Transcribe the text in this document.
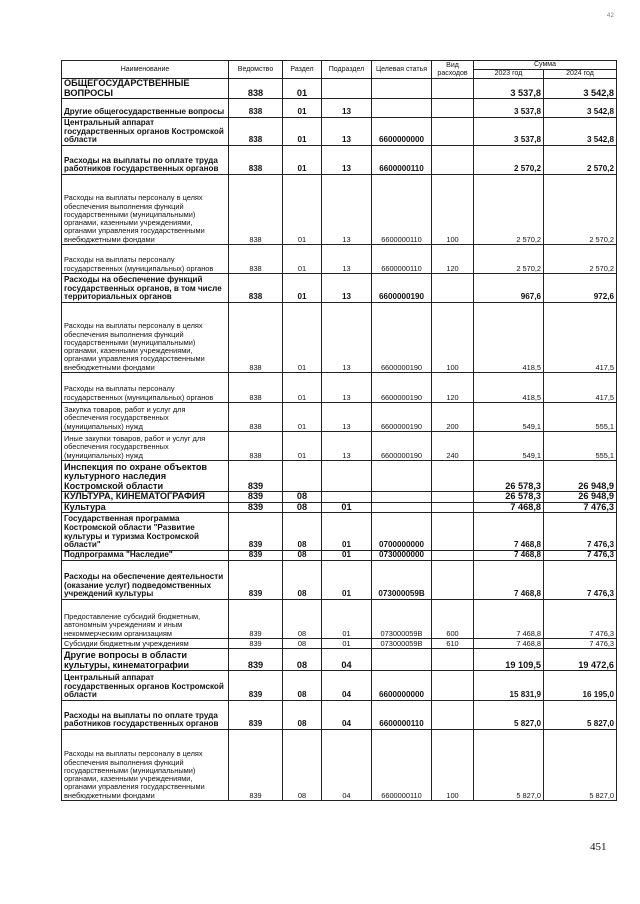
42
Наименование	Ведомство	Раздел	Подраздел	Целевая статья	Вид расходов	Сумма	
						2023 год	2024 год
ОБЩЕГОСУДАРСТВЕННЫЕ ВОПРОСЫ	838	01				3 537,8	3 542,8
Другие общегосударственные вопросы	838	01	13			3 537,8	3 542,8
Центральный аппарат государственных органов Костромской области	838	01	13	6600000000		3 537,8	3 542,8
Расходы на выплаты по оплате труда работников государственных органов	838	01	13	6600000110		2 570,2	2 570,2
Расходы на выплаты персоналу в целях обеспечения выполнения функций государственными (муниципальными) органами, казенными учреждениями, органами управления государственными внебюджетными фондами	838	01	13	6600000110	100	2 570,2	2 570,2
Расходы на выплаты персоналу государственных (муниципальных) органов	838	01	13	6600000110	120	2 570,2	2 570,2
Расходы на обеспечение функций государственных органов, в том числе территориальных органов	838	01	13	6600000190		967,6	972,6
Расходы на выплаты персоналу в целях обеспечения выполнения функций государственными (муниципальными) органами, казенными учреждениями, органами управления государственными внебюджетными фондами	838	01	13	6600000190	100	418,5	417,5
Расходы на выплаты персоналу государственных (муниципальных) органов	838	01	13	6600000190	120	418,5	417,5
Закупка товаров, работ и услуг для обеспечения государственных (муниципальных) нужд	838	01	13	6600000190	200	549,1	555,1
Иные закупки товаров, работ и услуг для обеспечения государственных (муниципальных) нужд	838	01	13	6600000190	240	549,1	555,1
Инспекция по охране объектов культурного наследия Костромской области	839					26 578,3	26 948,9
КУЛЬТУРА, КИНЕМАТОГРАФИЯ	839	08				26 578,3	26 948,9
Культура	839	08	01			7 468,8	7 476,3
Государственная программа Костромской области "Развитие культуры и туризма Костромской области"	839	08	01	0700000000		7 468,8	7 476,3
Подпрограмма "Наследие"	839	08	01	0730000000		7 468,8	7 476,3
Расходы на обеспечение деятельности (оказание услуг) подведомственных учреждений культуры	839	08	01	073000059В		7 468,8	7 476,3
Предоставление субсидий бюджетным, автономным учреждениям и иным некоммерческим организациям	839	08	01	073000059В	600	7 468,8	7 476,3
Субсидии бюджетным учреждениям	839	08	01	073000059В	610	7 468,8	7 476,3
Другие вопросы в области культуры, кинематографии	839	08	04			19 109,5	19 472,6
Центральный аппарат государственных органов Костромской области	839	08	04	6600000000		15 831,9	16 195,0
Расходы на выплаты по оплате труда работников государственных органов	839	08	04	6600000110		5 827,0	5 827,0
Расходы на выплаты персоналу в целях обеспечения выполнения функций государственными (муниципальными) органами, казенными учреждениями, органами управления государственными внебюджетными фондами	839	08	04	6600000110	100	5 827,0	5 827,0
451
